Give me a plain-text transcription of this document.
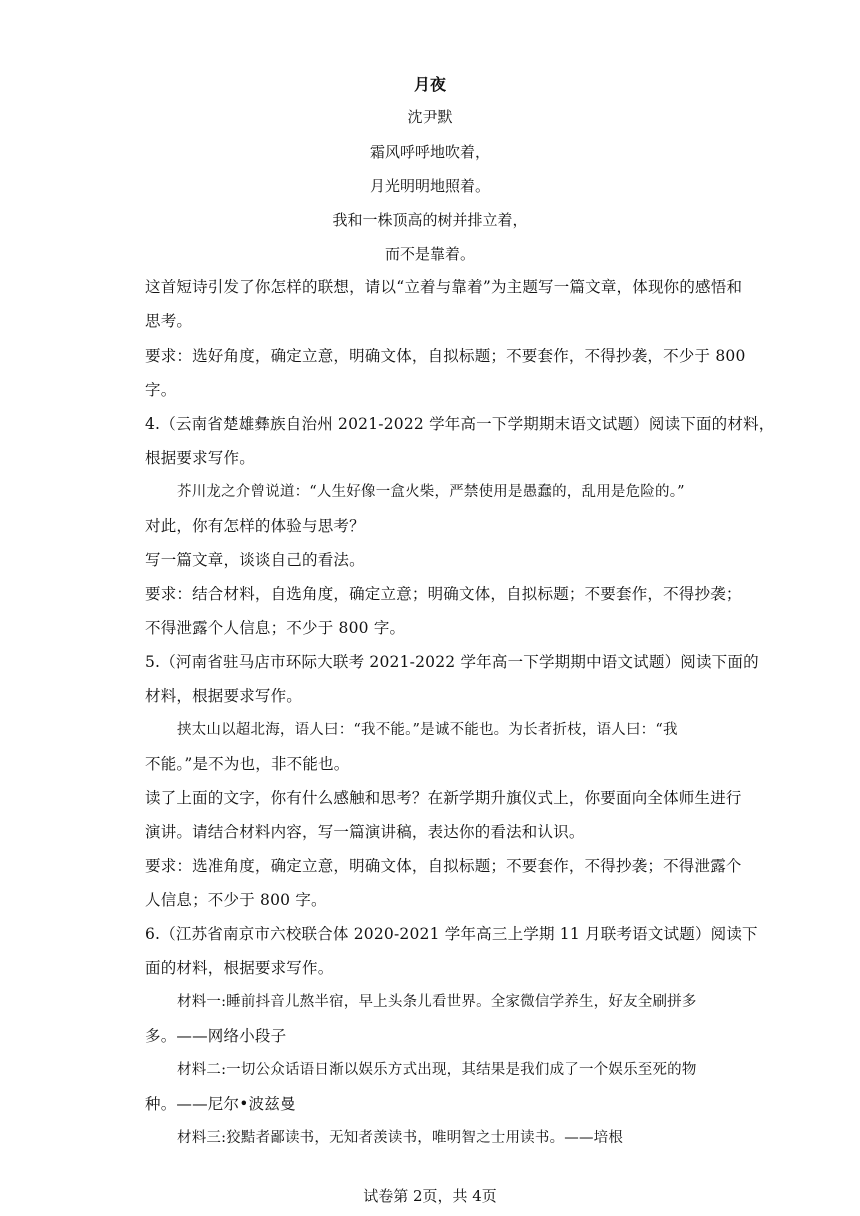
月夜
沈尹默
霜风呼呼地吹着，
月光明明地照着。
我和一株顶高的树并排立着，
而不是靠着。
这首短诗引发了你怎样的联想，请以“立着与靠着”为主题写一篇文章，体现你的感悟和
思考。
要求：选好角度，确定立意，明确文体，自拟标题；不要套作，不得抄袭，不少于 800
字。
4.（云南省楚雄彝族自治州 2021-2022 学年高一下学期期末语文试题）阅读下面的材料，
根据要求写作。
芥川龙之介曾说道：“人生好像一盒火柴，严禁使用是愚蠢的，乱用是危险的。”
对此，你有怎样的体验与思考？
写一篇文章，谈谈自己的看法。
要求：结合材料，自选角度，确定立意；明确文体，自拟标题；不要套作，不得抄袭；
不得泄露个人信息；不少于 800 字。
5.（河南省驻马店市环际大联考 2021-2022 学年高一下学期期中语文试题）阅读下面的
材料，根据要求写作。
挟太山以超北海，语人曰：“我不能。”是诚不能也。为长者折枝，语人曰：“我
不能。”是不为也，非不能也。
读了上面的文字，你有什么感触和思考？在新学期升旗仪式上，你要面向全体师生进行
演讲。请结合材料内容，写一篇演讲稿，表达你的看法和认识。
要求：选准角度，确定立意，明确文体，自拟标题；不要套作，不得抄袭；不得泄露个
人信息；不少于 800 字。
6.（江苏省南京市六校联合体 2020-2021 学年高三上学期 11 月联考语文试题）阅读下
面的材料，根据要求写作。
材料一:睡前抖音儿熬半宿，早上头条儿看世界。全家微信学养生，好友全刷拼多
多。——网络小段子
材料二:一切公众话语日渐以娱乐方式出现，其结果是我们成了一个娱乐至死的物
种。——尼尔•波兹曼
材料三:狡黠者鄙读书，无知者羡读书，唯明智之士用读书。——培根
试卷第 2页，共 4页
